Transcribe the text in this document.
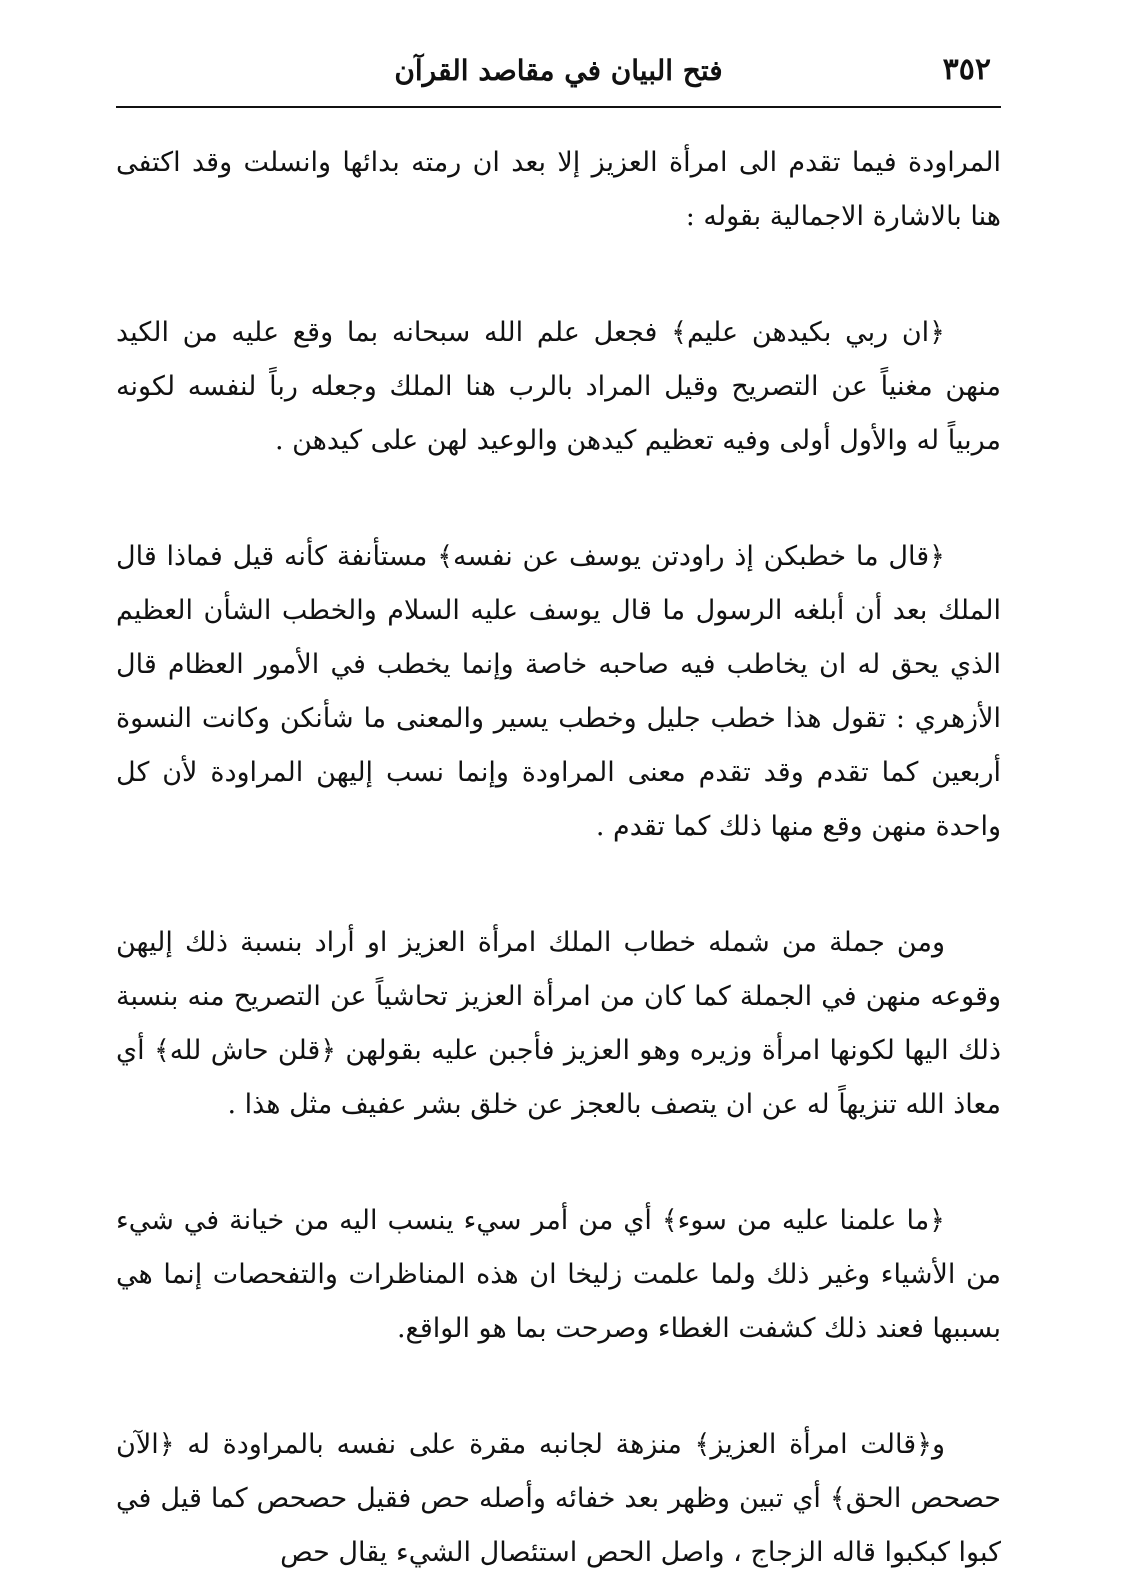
٣٥٢
فتح البيان في مقاصد القرآن

المراودة فيما تقدم الى امرأة العزيز إلا بعد ان رمته بدائها وانسلت وقد اكتفى هنا بالاشارة الاجمالية بقوله :

﴿ان ربي بكيدهن عليم﴾ فجعل علم الله سبحانه بما وقع عليه من الكيد منهن مغنياً عن التصريح وقيل المراد بالرب هنا الملك وجعله رباً لنفسه لكونه مربياً له والأول أولى وفيه تعظيم كيدهن والوعيد لهن على كيدهن .

﴿قال ما خطبكن إذ راودتن يوسف عن نفسه﴾ مستأنفة كأنه قيل فماذا قال الملك بعد أن أبلغه الرسول ما قال يوسف عليه السلام والخطب الشأن العظيم الذي يحق له ان يخاطب فيه صاحبه خاصة وإنما يخطب في الأمور العظام قال الأزهري : تقول هذا خطب جليل وخطب يسير والمعنى ما شأنكن وكانت النسوة أربعين كما تقدم وقد تقدم معنى المراودة وإنما نسب إليهن المراودة لأن كل واحدة منهن وقع منها ذلك كما تقدم .

ومن جملة من شمله خطاب الملك امرأة العزيز او أراد بنسبة ذلك إليهن وقوعه منهن في الجملة كما كان من امرأة العزيز تحاشياً عن التصريح منه بنسبة ذلك اليها لكونها امرأة وزيره وهو العزيز فأجبن عليه بقولهن ﴿قلن حاش لله﴾ أي معاذ الله تنزيهاً له عن ان يتصف بالعجز عن خلق بشر عفيف مثل هذا .

﴿ما علمنا عليه من سوء﴾ أي من أمر سيء ينسب اليه من خيانة في شيء من الأشياء وغير ذلك ولما علمت زليخا ان هذه المناظرات والتفحصات إنما هي بسببها فعند ذلك كشفت الغطاء وصرحت بما هو الواقع.

و﴿قالت امرأة العزيز﴾ منزهة لجانبه مقرة على نفسه بالمراودة له ﴿الآن حصحص الحق﴾ أي تبين وظهر بعد خفائه وأصله حص فقيل حصحص كما قيل في كبوا كبكبوا قاله الزجاج ، واصل الحص استئصال الشيء يقال حص
